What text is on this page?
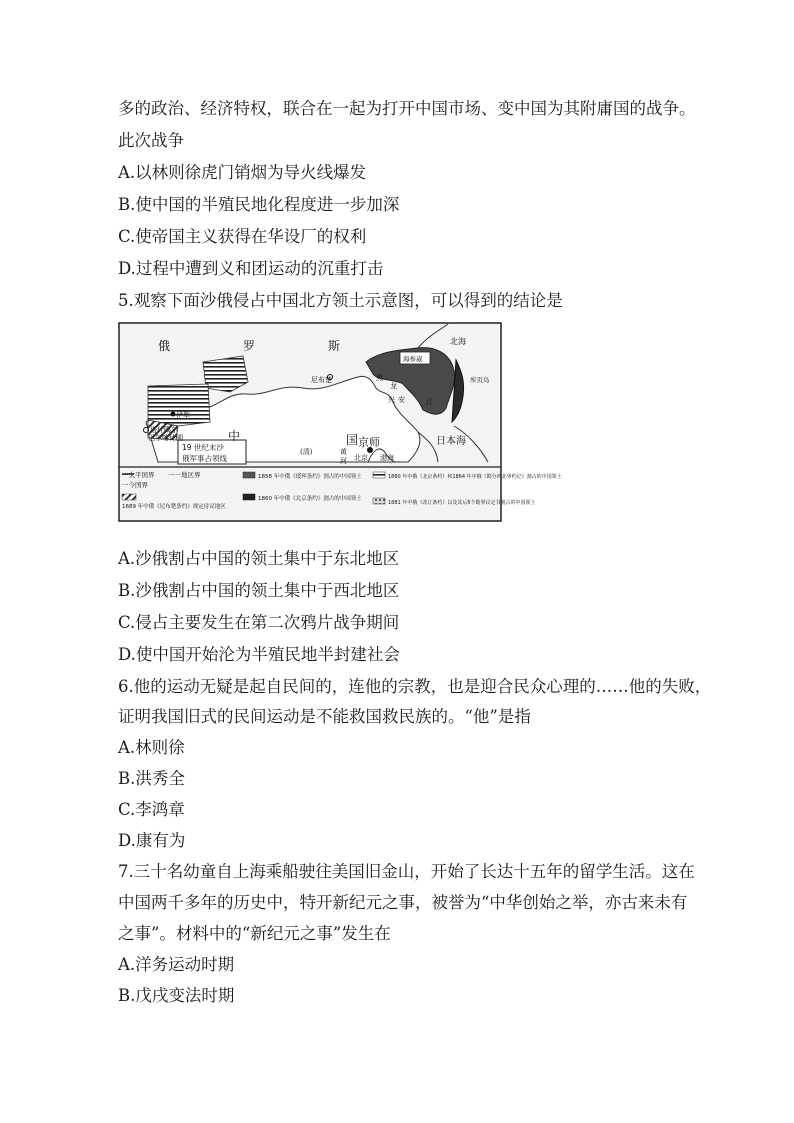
多的政治、经济特权，联合在一起为打开中国市场、变中国为其附庸国的战争。
此次战争
A.以林则徐虎门销烟为导火线爆发
B.使中国的半殖民地化程度进一步加深
C.使帝国主义获得在华设厂的权利
D.过程中遭到义和团运动的沉重打击
5.观察下面沙俄侵占中国北方领土示意图，可以得到的结论是
A.沙俄割占中国的领土集中于东北地区
B.沙俄割占中国的领土集中于西北地区
C.侵占主要发生在第二次鸦片战争期间
D.使中国开始沦为半殖民地半封建社会
6.他的运动无疑是起自民间的，连他的宗教，也是迎合民众心理的……他的失败，
证明我国旧式的民间运动是不能救国救民族的。“他”是指
A.林则徐
B.洪秀全
C.李鸿章
D.康有为
7.三十名幼童自上海乘船驶往美国旧金山，开始了长达十五年的留学生活。这在
中国两千多年的历史中，特开新纪元之事，被誉为“中华创始之举，亦古来未有
之事”。材料中的“新纪元之事”发生在
A.洋务运动时期
B.戊戌变法时期
俄	罗	斯
尼布楚
伊犁
塔什噶尔
巴尔喀什湖
19 世纪末沙
俄军事占领线
中	国 京师
(清)
北京
黄
河	渤海
黑
龙
江
兴 安
海参崴
北海
日本海
库页岛
一太平国界 一一地区界
一今国界
1689 年中俄《尼布楚条约》规定待议地区
1858 年中俄《瑷珲条约》割占的中国领土
1860 年中俄《北京条约》割占的中国领土
1860 年中俄《北京条约》和1864 年中俄《勘分西北界约记》割占的中国领土
1881 年中俄《改订条约》以及其后5个勘界议定书割占的中国领土
